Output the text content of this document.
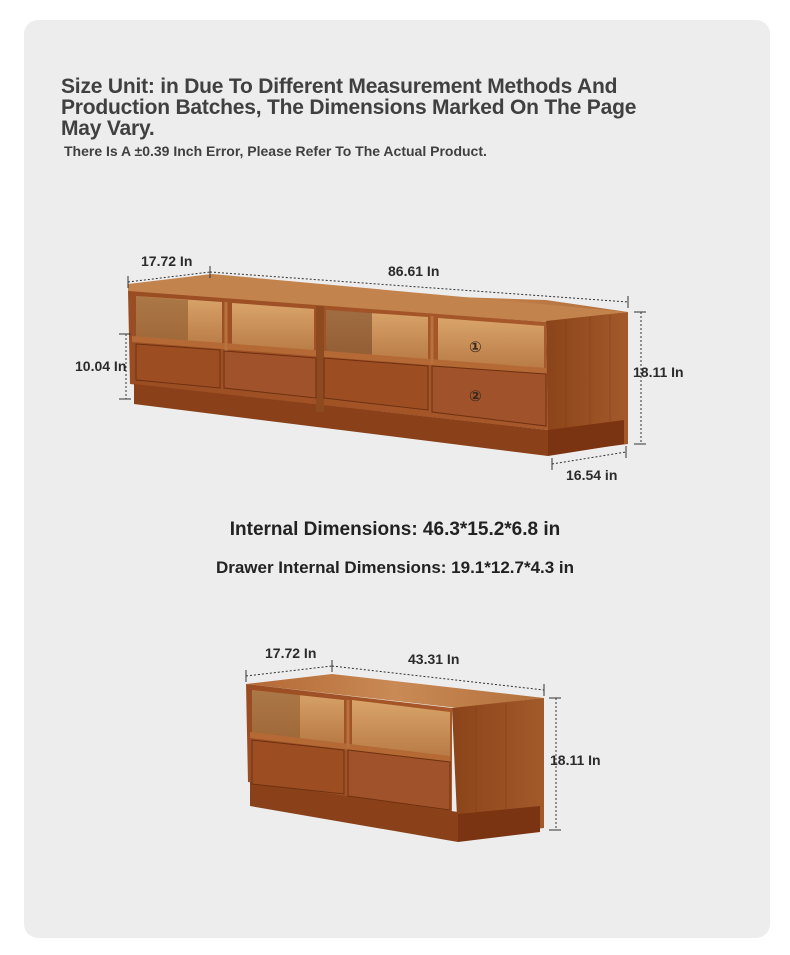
Size Unit: in Due To Different Measurement Methods And Production Batches, The Dimensions Marked On The Page May Vary.

There Is A ±0.39 Inch Error, Please Refer To The Actual Product.

17.72 In
86.61 In
10.04 In	18.11 In
16.54 in
①
②
17.72 In	43.31 In
18.11 In

Internal Dimensions: 46.3*15.2*6.8 in

Drawer Internal Dimensions: 19.1*12.7*4.3 in
